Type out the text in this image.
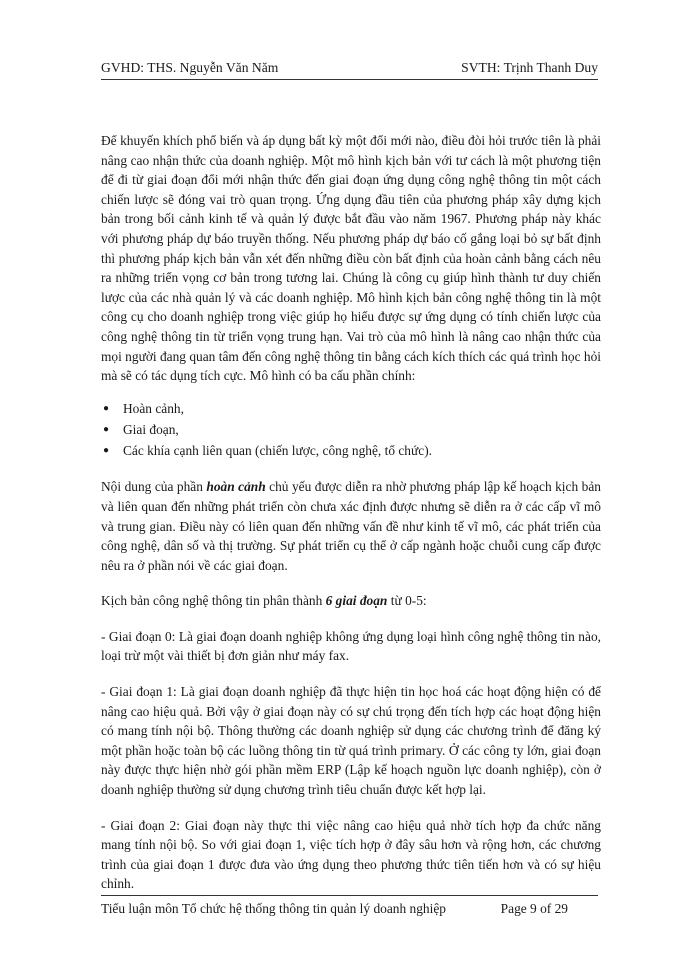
GVHD: THS. Nguyễn Văn Năm	SVTH: Trịnh Thanh Duy

Để khuyến khích phổ biến và áp dụng bất kỳ một đổi mới nào, điều đòi hỏi trước tiên là phải nâng cao nhận thức của doanh nghiệp. Một mô hình kịch bản với tư cách là một phương tiện để đi từ giai đoạn đổi mới nhận thức đến giai đoạn ứng dụng công nghệ thông tin một cách chiến lược sẽ đóng vai trò quan trọng. Ứng dụng đầu tiên của phương pháp xây dựng kịch bản trong bối cảnh kinh tế và quản lý được bắt đầu vào năm 1967. Phương pháp này khác với phương pháp dự báo truyền thống. Nếu phương pháp dự báo cố gắng loại bỏ sự bất định thì phương pháp kịch bản vẫn xét đến những điều còn bất định của hoàn cảnh bằng cách nêu ra những triển vọng cơ bản trong tương lai. Chúng là công cụ giúp hình thành tư duy chiến lược của các nhà quản lý và các doanh nghiệp. Mô hình kịch bản công nghệ thông tin là một công cụ cho doanh nghiệp trong việc giúp họ hiểu được sự ứng dụng có tính chiến lược của công nghệ thông tin từ triển vọng trung hạn. Vai trò của mô hình là nâng cao nhận thức của mọi người đang quan tâm đến công nghệ thông tin bằng cách kích thích các quá trình học hỏi mà sẽ có tác dụng tích cực. Mô hình có ba cấu phần chính:

● Hoàn cảnh,
● Giai đoạn,
● Các khía cạnh liên quan (chiến lược, công nghệ, tổ chức).

Nội dung của phần hoàn cảnh chủ yếu được diễn ra nhờ phương pháp lập kế hoạch kịch bản và liên quan đến những phát triển còn chưa xác định được nhưng sẽ diễn ra ở các cấp vĩ mô và trung gian. Điều này có liên quan đến những vấn đề như kinh tế vĩ mô, các phát triển của công nghệ, dân số và thị trường. Sự phát triển cụ thể ở cấp ngành hoặc chuỗi cung cấp được nêu ra ở phần nói về các giai đoạn.

Kịch bản công nghệ thông tin phân thành 6 giai đoạn từ 0-5:

- Giai đoạn 0: Là giai đoạn doanh nghiệp không ứng dụng loại hình công nghệ thông tin nào, loại trừ một vài thiết bị đơn giản như máy fax.

- Giai đoạn 1: Là giai đoạn doanh nghiệp đã thực hiện tin học hoá các hoạt động hiện có để nâng cao hiệu quả. Bởi vậy ở giai đoạn này có sự chú trọng đến tích hợp các hoạt động hiện có mang tính nội bộ. Thông thường các doanh nghiệp sử dụng các chương trình để đăng ký một phần hoặc toàn bộ các luồng thông tin từ quá trình primary. Ở các công ty lớn, giai đoạn này được thực hiện nhờ gói phần mềm ERP (Lập kế hoạch nguồn lực doanh nghiệp), còn ở doanh nghiệp thường sử dụng chương trình tiêu chuẩn được kết hợp lại.

- Giai đoạn 2: Giai đoạn này thực thi việc nâng cao hiệu quả nhờ tích hợp đa chức năng mang tính nội bộ. So với giai đoạn 1, việc tích hợp ở đây sâu hơn và rộng hơn, các chương trình của giai đoạn 1 được đưa vào ứng dụng theo phương thức tiên tiến hơn và có sự hiệu chỉnh.

Tiểu luận môn Tổ chức hệ thống thông tin quản lý doanh nghiệp	Page 9 of 29
